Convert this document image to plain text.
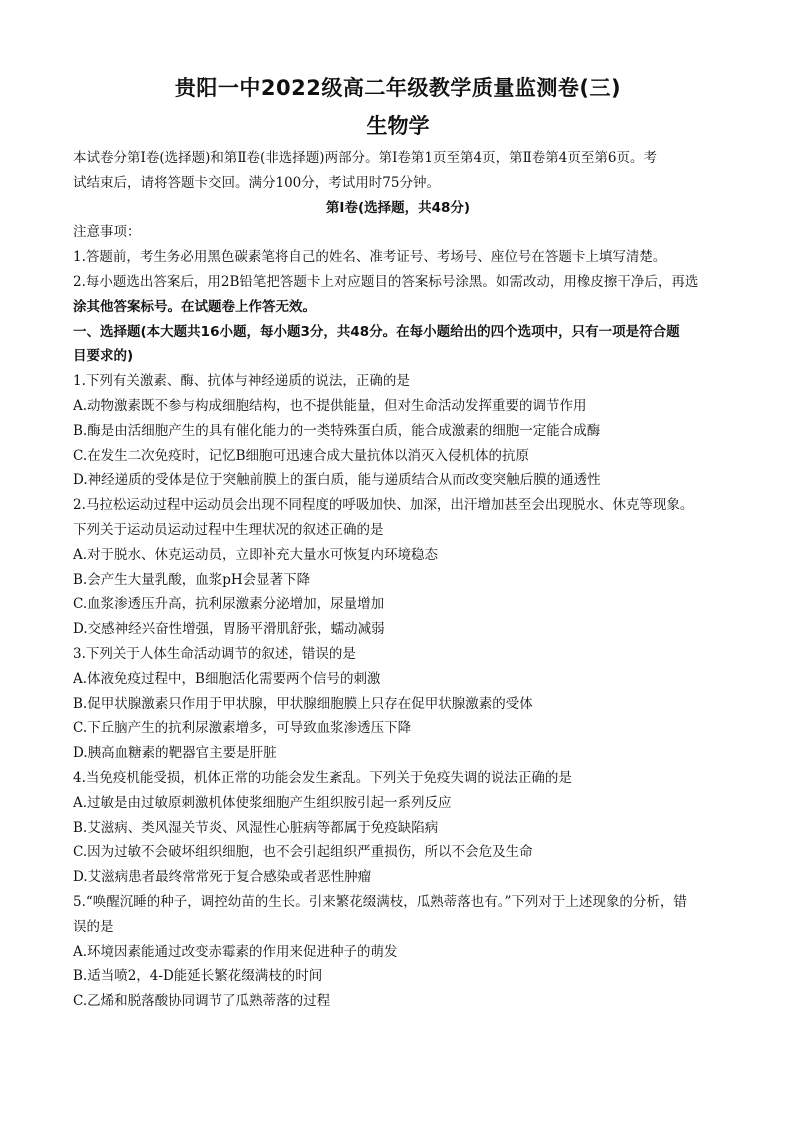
贵阳一中2022级高二年级教学质量监测卷(三)
生物学
本试卷分第Ⅰ卷(选择题)和第Ⅱ卷(非选择题)两部分。第Ⅰ卷第1页至第4页，第Ⅱ卷第4页至第6页。考
试结束后，请将答题卡交回。满分100分，考试用时75分钟。
第Ⅰ卷(选择题，共48分)
注意事项：
1.答题前，考生务必用黑色碳素笔将自己的姓名、准考证号、考场号、座位号在答题卡上填写清楚。
2.每小题选出答案后，用2B铅笔把答题卡上对应题目的答案标号涂黑。如需改动，用橡皮擦干净后，再选
涂其他答案标号。在试题卷上作答无效。
一、选择题(本大题共16小题，每小题3分，共48分。在每小题给出的四个选项中，只有一项是符合题
目要求的)
1.下列有关激素、酶、抗体与神经递质的说法，正确的是
A.动物激素既不参与构成细胞结构，也不提供能量，但对生命活动发挥重要的调节作用
B.酶是由活细胞产生的具有催化能力的一类特殊蛋白质，能合成激素的细胞一定能合成酶
C.在发生二次免疫时，记忆B细胞可迅速合成大量抗体以消灭入侵机体的抗原
D.神经递质的受体是位于突触前膜上的蛋白质，能与递质结合从而改变突触后膜的通透性
2.马拉松运动过程中运动员会出现不同程度的呼吸加快、加深，出汗增加甚至会出现脱水、休克等现象。
下列关于运动员运动过程中生理状况的叙述正确的是
A.对于脱水、休克运动员，立即补充大量水可恢复内环境稳态
B.会产生大量乳酸，血浆pH会显著下降
C.血浆渗透压升高，抗利尿激素分泌增加，尿量增加
D.交感神经兴奋性增强，胃肠平滑肌舒张，蠕动减弱
3.下列关于人体生命活动调节的叙述，错误的是
A.体液免疫过程中，B细胞活化需要两个信号的刺激
B.促甲状腺激素只作用于甲状腺，甲状腺细胞膜上只存在促甲状腺激素的受体
C.下丘脑产生的抗利尿激素增多，可导致血浆渗透压下降
D.胰高血糖素的靶器官主要是肝脏
4.当免疫机能受损，机体正常的功能会发生紊乱。下列关于免疫失调的说法正确的是
A.过敏是由过敏原刺激机体使浆细胞产生组织胺引起一系列反应
B.艾滋病、类风湿关节炎、风湿性心脏病等都属于免疫缺陷病
C.因为过敏不会破坏组织细胞，也不会引起组织严重损伤，所以不会危及生命
D.艾滋病患者最终常常死于复合感染或者恶性肿瘤
5.“唤醒沉睡的种子，调控幼苗的生长。引来繁花缀满枝，瓜熟蒂落也有。”下列对于上述现象的分析，错
误的是
A.环境因素能通过改变赤霉素的作用来促进种子的萌发
B.适当喷2，4-D能延长繁花缀满枝的时间
C.乙烯和脱落酸协同调节了瓜熟蒂落的过程
